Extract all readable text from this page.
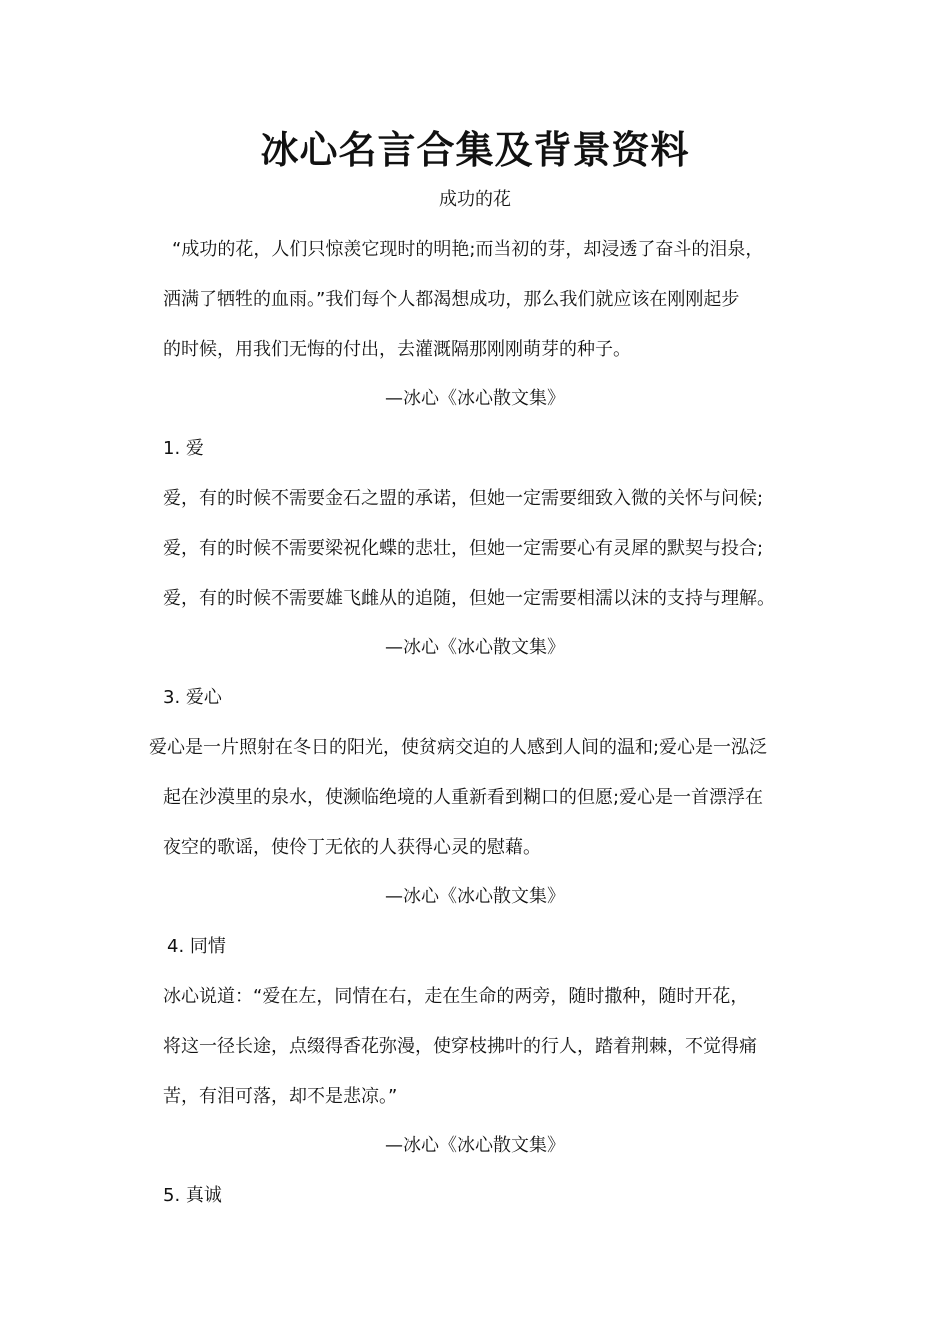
冰心名言合集及背景资料
成功的花
“成功的花，人们只惊羡它现时的明艳;而当初的芽，却浸透了奋斗的泪泉，
洒满了牺牲的血雨。”我们每个人都渴想成功，那么我们就应该在刚刚起步
的时候，用我们无悔的付出，去灌溉隔那刚刚萌芽的种子。
—冰心《冰心散文集》
1. 爱
爱，有的时候不需要金石之盟的承诺，但她一定需要细致入微的关怀与问候;
爱，有的时候不需要梁祝化蝶的悲壮，但她一定需要心有灵犀的默契与投合;
爱，有的时候不需要雄飞雌从的追随，但她一定需要相濡以沫的支持与理解。
—冰心《冰心散文集》
3. 爱心
爱心是一片照射在冬日的阳光，使贫病交迫的人感到人间的温和;爱心是一泓泛
起在沙漠里的泉水，使濒临绝境的人重新看到糊口的但愿;爱心是一首漂浮在
夜空的歌谣，使伶丁无依的人获得心灵的慰藉。
—冰心《冰心散文集》
4. 同情
冰心说道：“爱在左，同情在右，走在生命的两旁，随时撒种，随时开花，
将这一径长途，点缀得香花弥漫，使穿枝拂叶的行人，踏着荆棘，不觉得痛
苦，有泪可落，却不是悲凉。”
—冰心《冰心散文集》
5. 真诚
